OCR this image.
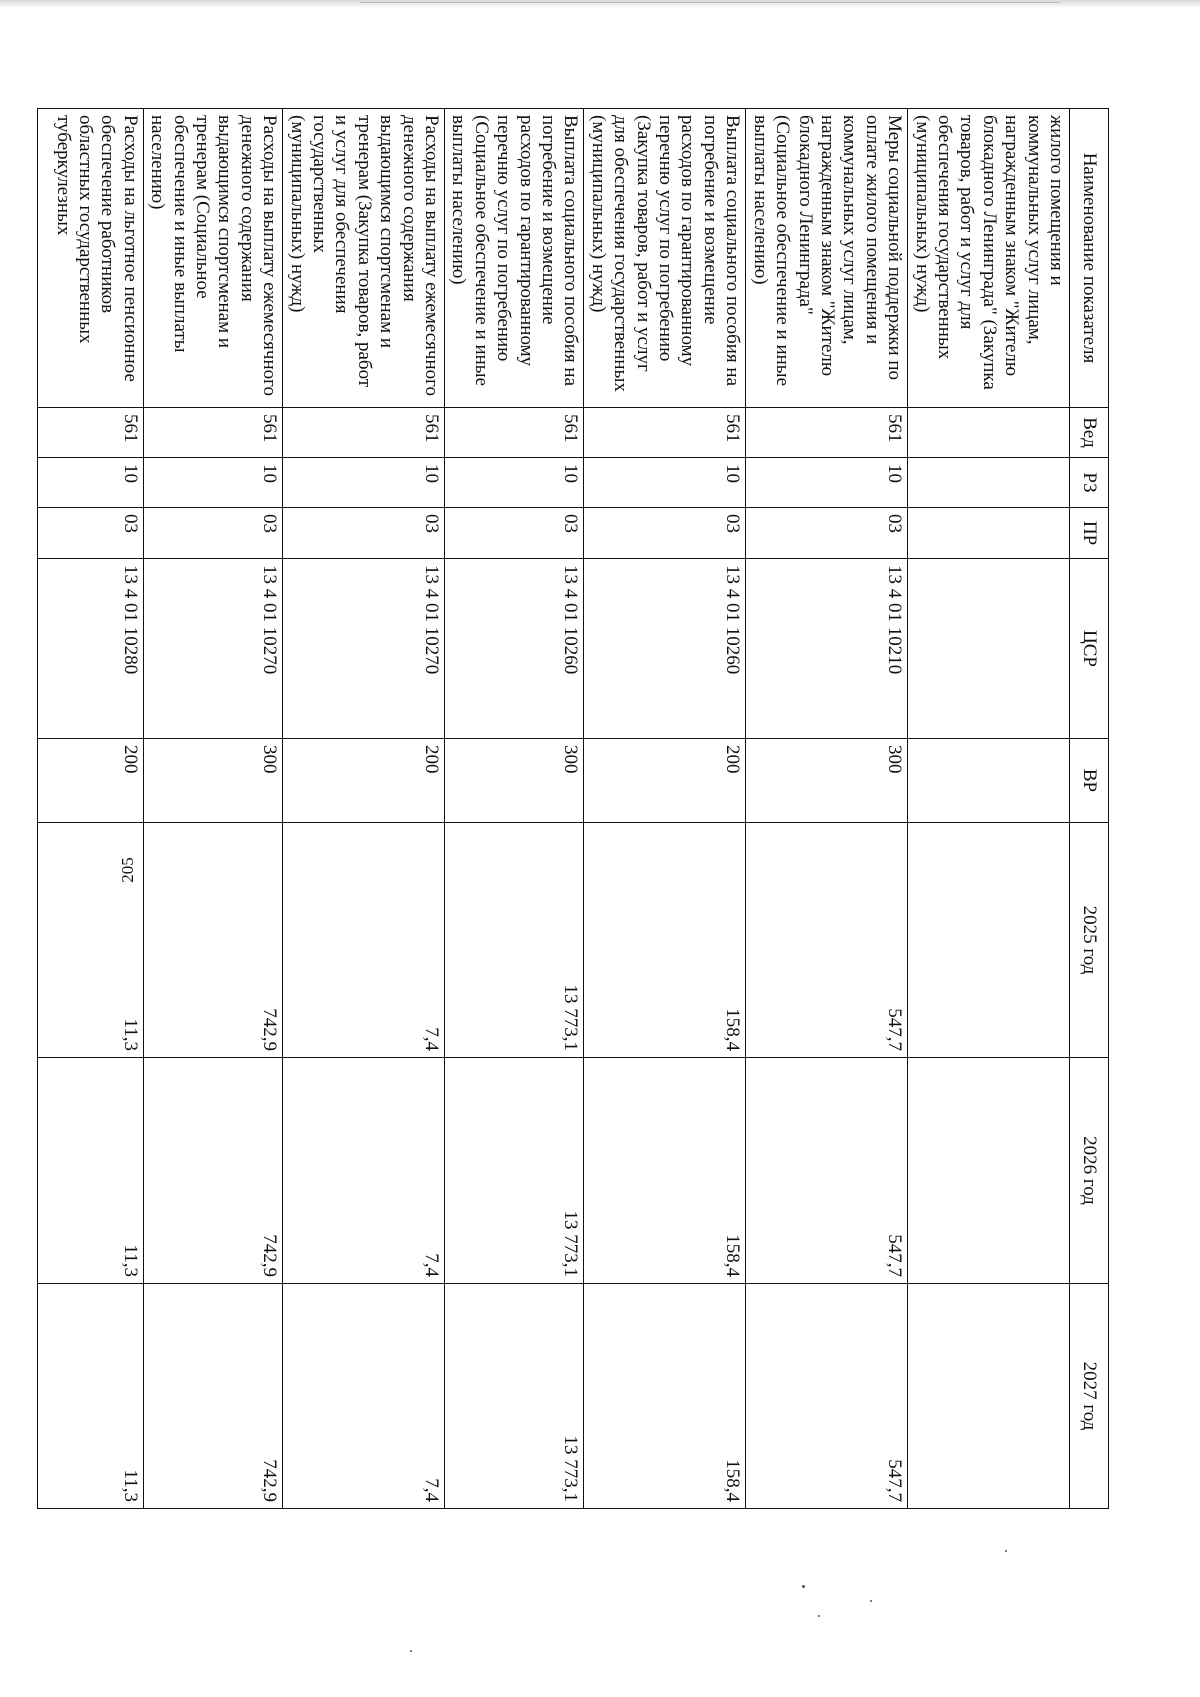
205
Наименование показателя	Вед	РЗ	ПР	ЦСР	ВР	2025 год	2026 год	2027 год
жилого помещения и коммунальных услуг лицам, награжденным знаком "Жителю блокадного Ленинграда" (Закупка товаров, работ и услуг для обеспечения государственных (муниципальных) нужд)								
Меры социальной поддержки по оплате жилого помещения и коммунальных услуг лицам, награжденным знаком "Жителю блокадного Ленинграда" (Социальное обеспечение и иные выплаты населению)	561	10	03	13 4 01 10210	300	547,7	547,7	547,7
Выплата социального пособия на погребение и возмещение расходов по гарантированному перечню услуг по погребению (Закупка товаров, работ и услуг для обеспечения государственных (муниципальных) нужд)	561	10	03	13 4 01 10260	200	158,4	158,4	158,4
Выплата социального пособия на погребение и возмещение расходов по гарантированному перечню услуг по погребению (Социальное обеспечение и иные выплаты населению)	561	10	03	13 4 01 10260	300	13 773,1	13 773,1	13 773,1
Расходы на выплату ежемесячного денежного содержания выдающимся спортсменам и тренерам (Закупка товаров, работ и услуг для обеспечения государственных (муниципальных) нужд)	561	10	03	13 4 01 10270	200	7,4	7,4	7,4
Расходы на выплату ежемесячного денежного содержания выдающимся спортсменам и тренерам (Социальное обеспечение и иные выплаты населению)	561	10	03	13 4 01 10270	300	742,9	742,9	742,9
Расходы на льготное пенсионное обеспечение работников областных государственных туберкулезных	561	10	03	13 4 01 10280	200	11,3	11,3	11,3
